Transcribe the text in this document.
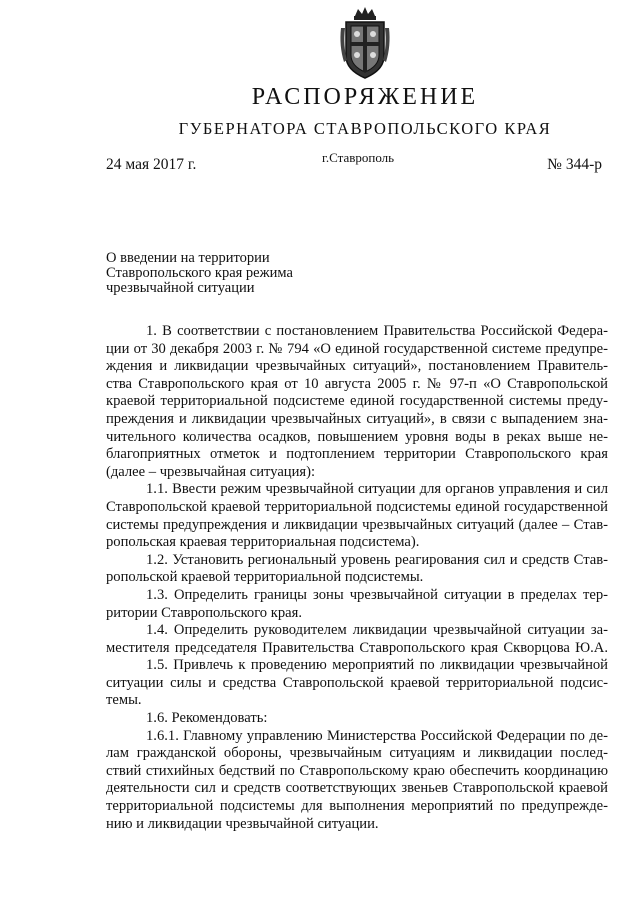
РАСПОРЯЖЕНИЕ
ГУБЕРНАТОРА СТАВРОПОЛЬСКОГО КРАЯ
24 мая 2017 г.	г.Ставрополь	№ 344-р
О введении на территории
Ставропольского края режима
чрезвычайной ситуации
1. В соответствии с постановлением Правительства Российской Федера-
ции от 30 декабря 2003 г. № 794 «О единой государственной системе предупре-
ждения и ликвидации чрезвычайных ситуаций», постановлением Правитель-
ства Ставропольского края от 10 августа 2005 г. № 97-п «О Ставропольской
краевой территориальной подсистеме единой государственной системы преду-
преждения и ликвидации чрезвычайных ситуаций», в связи с выпадением зна-
чительного количества осадков, повышением уровня воды в реках выше не-
благоприятных отметок и подтоплением территории Ставропольского края
(далее – чрезвычайная ситуация):
1.1. Ввести режим чрезвычайной ситуации для органов управления и сил
Ставропольской краевой территориальной подсистемы единой государственной
системы предупреждения и ликвидации чрезвычайных ситуаций (далее – Став-
ропольская краевая территориальная подсистема).
1.2. Установить региональный уровень реагирования сил и средств Став-
ропольской краевой территориальной подсистемы.
1.3. Определить границы зоны чрезвычайной ситуации в пределах тер-
ритории Ставропольского края.
1.4. Определить руководителем ликвидации чрезвычайной ситуации за-
местителя председателя Правительства Ставропольского края Скворцова Ю.А.
1.5. Привлечь к проведению мероприятий по ликвидации чрезвычайной
ситуации силы и средства Ставропольской краевой территориальной подсис-
темы.
1.6. Рекомендовать:
1.6.1. Главному управлению Министерства Российской Федерации по де-
лам гражданской обороны, чрезвычайным ситуациям и ликвидации послед-
ствий стихийных бедствий по Ставропольскому краю обеспечить координацию
деятельности сил и средств соответствующих звеньев Ставропольской краевой
территориальной подсистемы для выполнения мероприятий по предупрежде-
нию и ликвидации чрезвычайной ситуации.
